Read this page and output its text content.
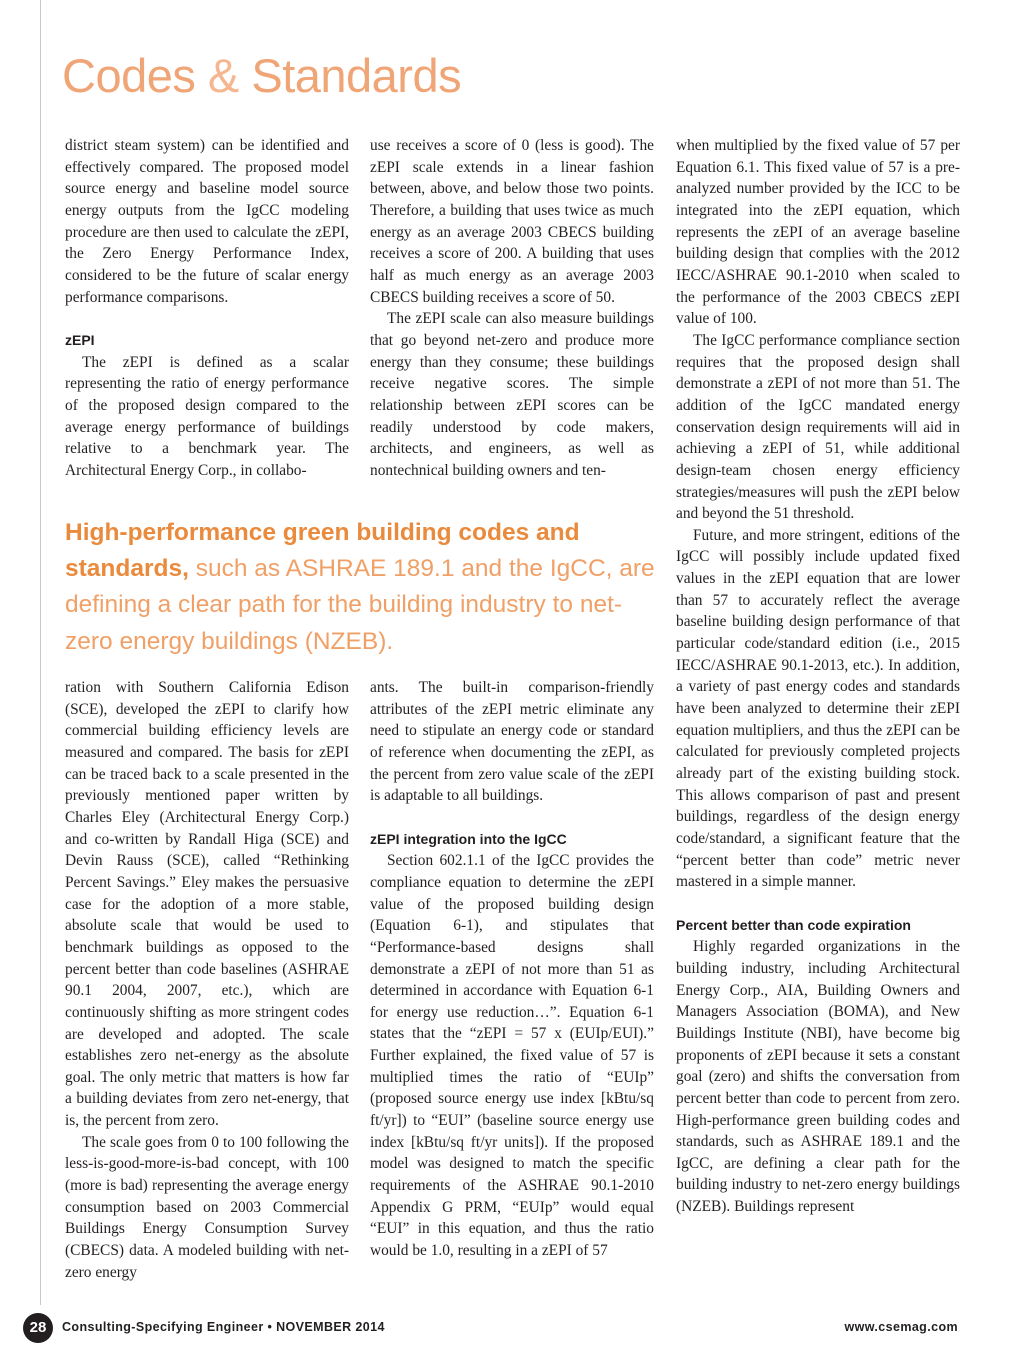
Codes & Standards

district steam system) can be identified and effectively compared. The proposed model source energy and baseline model source energy outputs from the IgCC modeling procedure are then used to calculate the zEPI, the Zero Energy Performance Index, considered to be the future of scalar energy performance comparisons.

zEPI

The zEPI is defined as a scalar representing the ratio of energy performance of the proposed design compared to the average energy performance of buildings relative to a benchmark year. The Architectural Energy Corp., in collabo-

use receives a score of 0 (less is good). The zEPI scale extends in a linear fashion between, above, and below those two points. Therefore, a building that uses twice as much energy as an average 2003 CBECS building receives a score of 200. A building that uses half as much energy as an average 2003 CBECS building receives a score of 50.

The zEPI scale can also measure buildings that go beyond net-zero and produce more energy than they consume; these buildings receive negative scores. The simple relationship between zEPI scores can be readily understood by code makers, architects, and engineers, as well as nontechnical building owners and ten-

High-performance green building codes and standards, such as ASHRAE 189.1 and the IgCC, are defining a clear path for the building industry to net-zero energy buildings (NZEB).

ration with Southern California Edison (SCE), developed the zEPI to clarify how commercial building efficiency levels are measured and compared. The basis for zEPI can be traced back to a scale presented in the previously mentioned paper written by Charles Eley (Architectural Energy Corp.) and co-written by Randall Higa (SCE) and Devin Rauss (SCE), called “Rethinking Percent Savings.” Eley makes the persuasive case for the adoption of a more stable, absolute scale that would be used to benchmark buildings as opposed to the percent better than code baselines (ASHRAE 90.1 2004, 2007, etc.), which are continuously shifting as more stringent codes are developed and adopted. The scale establishes zero net-energy as the absolute goal. The only metric that matters is how far a building deviates from zero net-energy, that is, the percent from zero.

The scale goes from 0 to 100 following the less-is-good-more-is-bad concept, with 100 (more is bad) representing the average energy consumption based on 2003 Commercial Buildings Energy Consumption Survey (CBECS) data. A modeled building with net-zero energy

ants. The built-in comparison-friendly attributes of the zEPI metric eliminate any need to stipulate an energy code or standard of reference when documenting the zEPI, as the percent from zero value scale of the zEPI is adaptable to all buildings.

zEPI integration into the IgCC

Section 602.1.1 of the IgCC provides the compliance equation to determine the zEPI value of the proposed building design (Equation 6-1), and stipulates that “Performance-based designs shall demonstrate a zEPI of not more than 51 as determined in accordance with Equation 6-1 for energy use reduction…”. Equation 6-1 states that the “zEPI = 57 x (EUIp/EUI).” Further explained, the fixed value of 57 is multiplied times the ratio of “EUIp” (proposed source energy use index [kBtu/sq ft/yr]) to “EUI” (baseline source energy use index [kBtu/sq ft/yr units]). If the proposed model was designed to match the specific requirements of the ASHRAE 90.1-2010 Appendix G PRM, “EUIp” would equal “EUI” in this equation, and thus the ratio would be 1.0, resulting in a zEPI of 57

when multiplied by the fixed value of 57 per Equation 6.1. This fixed value of 57 is a pre-analyzed number provided by the ICC to be integrated into the zEPI equation, which represents the zEPI of an average baseline building design that complies with the 2012 IECC/ASHRAE 90.1-2010 when scaled to the performance of the 2003 CBECS zEPI value of 100.

The IgCC performance compliance section requires that the proposed design shall demonstrate a zEPI of not more than 51. The addition of the IgCC mandated energy conservation design requirements will aid in achieving a zEPI of 51, while additional design-team chosen energy efficiency strategies/measures will push the zEPI below and beyond the 51 threshold.

Future, and more stringent, editions of the IgCC will possibly include updated fixed values in the zEPI equation that are lower than 57 to accurately reflect the average baseline building design performance of that particular code/standard edition (i.e., 2015 IECC/ASHRAE 90.1-2013, etc.). In addition, a variety of past energy codes and standards have been analyzed to determine their zEPI equation multipliers, and thus the zEPI can be calculated for previously completed projects already part of the existing building stock. This allows comparison of past and present buildings, regardless of the design energy code/standard, a significant feature that the “percent better than code” metric never mastered in a simple manner.

Percent better than code expiration

Highly regarded organizations in the building industry, including Architectural Energy Corp., AIA, Building Owners and Managers Association (BOMA), and New Buildings Institute (NBI), have become big proponents of zEPI because it sets a constant goal (zero) and shifts the conversation from percent better than code to percent from zero. High-performance green building codes and standards, such as ASHRAE 189.1 and the IgCC, are defining a clear path for the building industry to net-zero energy buildings (NZEB). Buildings represent

28	Consulting-Specifying Engineer • NOVEMBER 2014	www.csemag.com
